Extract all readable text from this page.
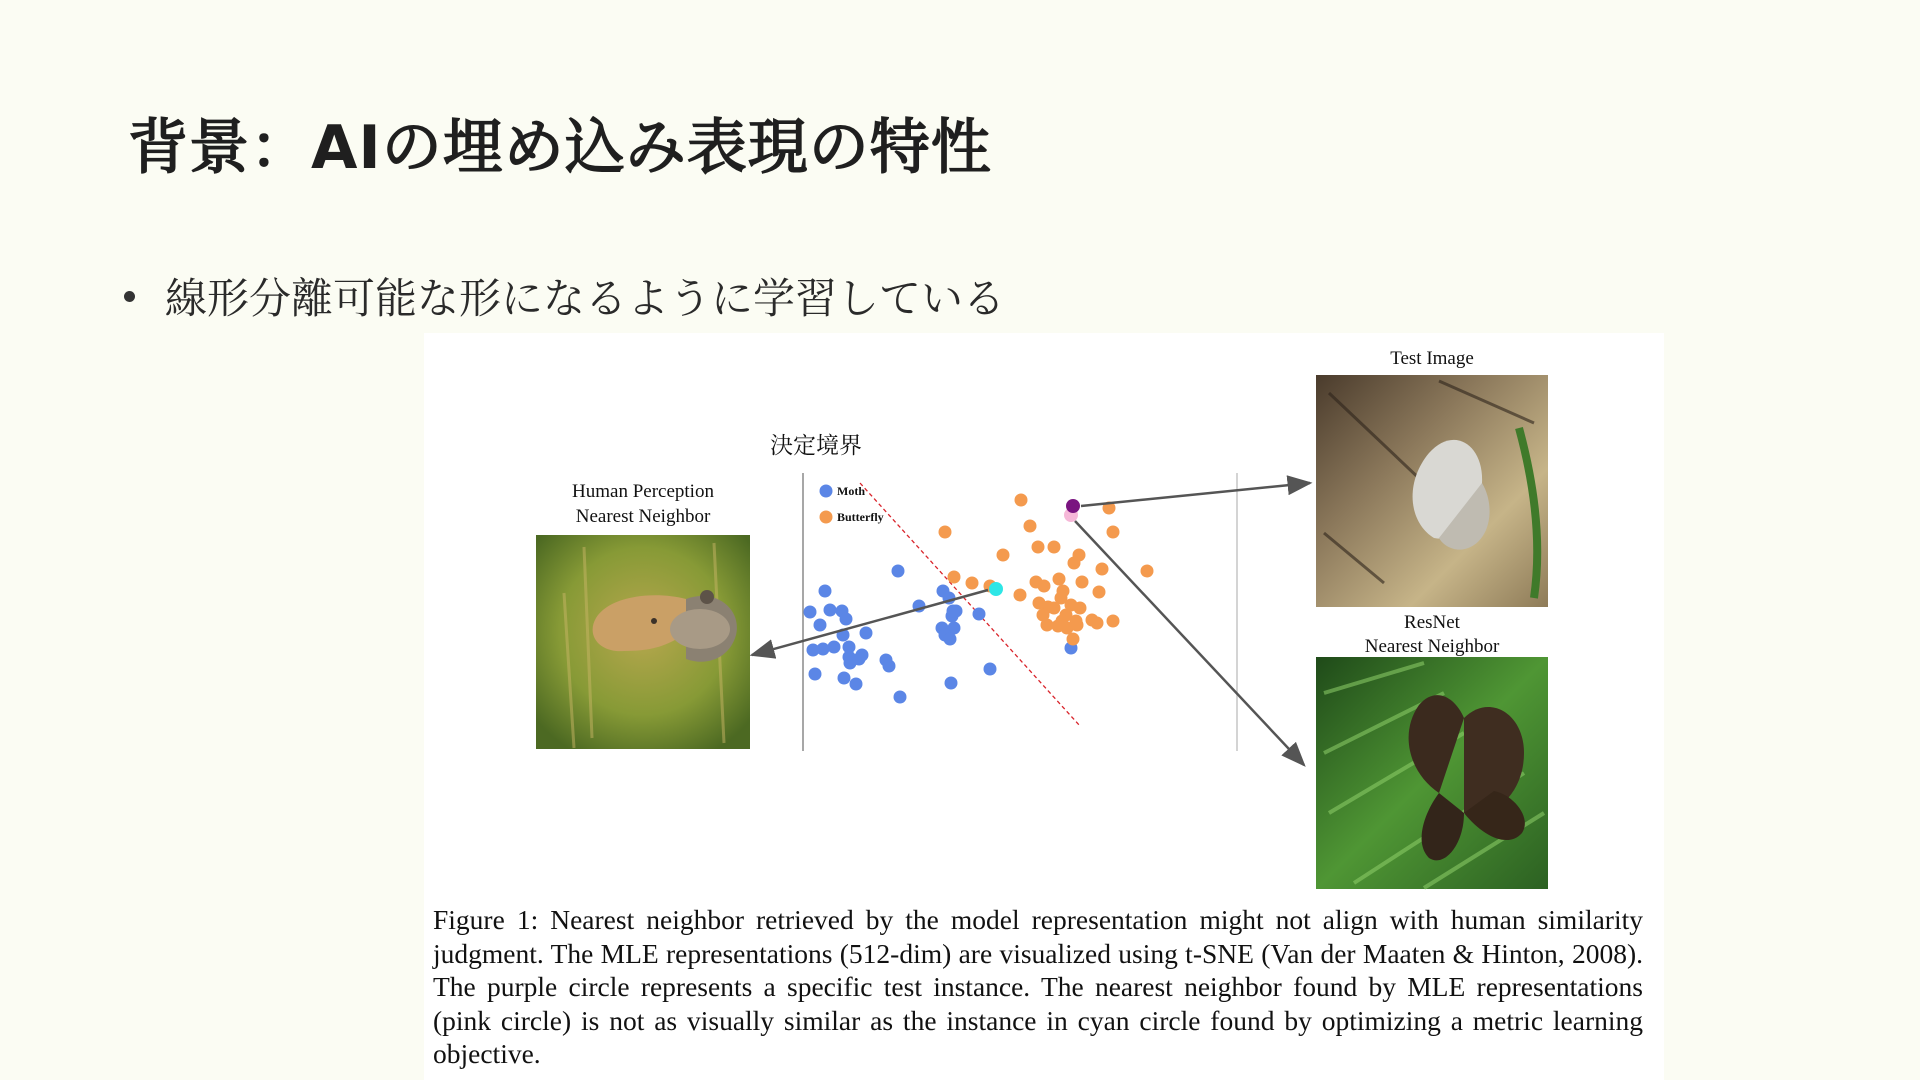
背景：AIの埋め込み表現の特性
線形分離可能な形になるように学習している
Human Perception
Nearest Neighbor
Test Image
ResNet
Nearest Neighbor
決定境界
Moth
Butterfly

Figure 1: Nearest neighbor retrieved by the model representation might not align with human similarity judgment. The MLE representations (512-dim) are visualized using t-SNE (Van der Maaten & Hinton, 2008). The purple circle represents a specific test instance. The nearest neighbor found by MLE representations (pink circle) is not as visually similar as the instance in cyan circle found by optimizing a metric learning objective.
